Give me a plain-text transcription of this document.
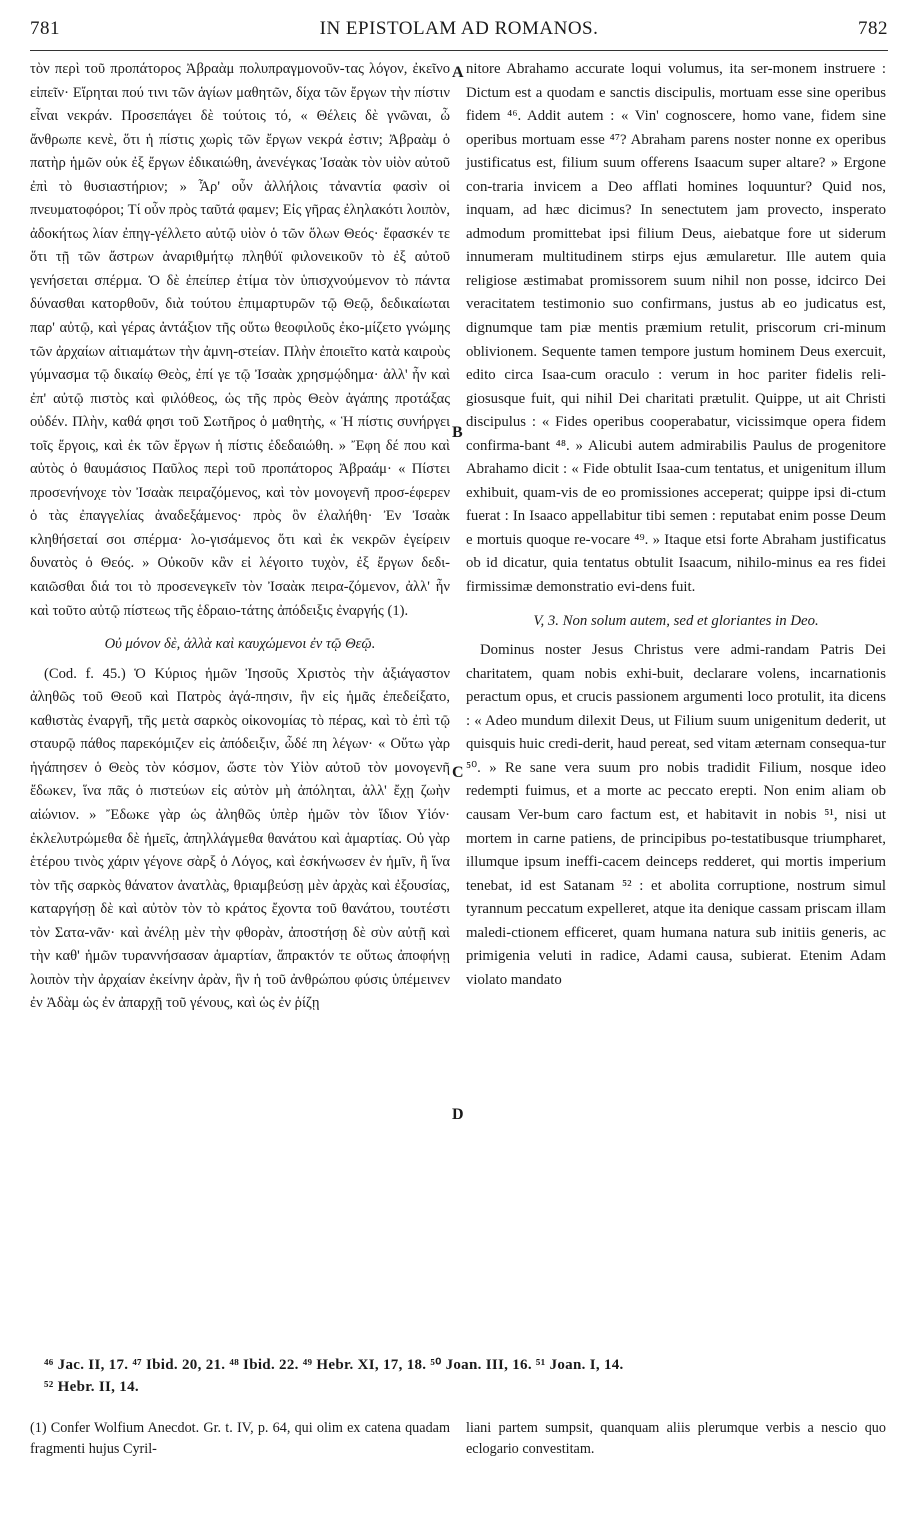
781	IN EPISTOLAM AD ROMANOS.	782

τὸν περὶ τοῦ προπάτορος Ἀβραὰμ πολυπραγμονοῦν-τας λόγον, ἐκεῖνο εἰπεῖν· Εἴρηται πού τινι τῶν ἁγίων μαθητῶν, δίχα τῶν ἔργων τὴν πίστιν εἶναι νεκράν. Προσεπάγει δὲ τούτοις τό, « Θέλεις δὲ γνῶναι, ὦ ἄνθρωπε κενὲ, ὅτι ἡ πίστις χωρὶς τῶν ἔργων νεκρά ἐστιν; Ἀβραὰμ ὁ πατὴρ ἡμῶν οὐκ ἐξ ἔργων ἐδικαιώθη, ἀνενέγκας Ἰσαὰκ τὸν υἱὸν αὐτοῦ ἐπὶ τὸ θυσιαστήριον; » Ἆρ' οὖν ἀλλήλοις τἀναντία φασὶν οἱ πνευματοφόροι; Τί οὖν πρὸς ταῦτά φαμεν; Εἰς γῆρας ἐληλακότι λοιπὸν, ἀδοκήτως λίαν ἐπηγ-γέλλετο αὐτῷ υἱὸν ὁ τῶν ὅλων Θεός· ἔφασκέν τε ὅτι τῇ τῶν ἄστρων ἀναριθμήτῳ πληθύϊ φιλονεικοῦν τὸ ἐξ αὐτοῦ γενήσεται σπέρμα. Ὁ δὲ ἐπείπερ ἐτίμα τὸν ὑπισχνούμενον τὸ πάντα δύνασθαι κατορθοῦν, διὰ τούτου ἐπιμαρτυρῶν τῷ Θεῷ, δεδικαίωται παρ' αὐτῷ, καὶ γέρας ἀντάξιον τῆς οὕτω θεοφιλοῦς ἐκο-μίζετο γνώμης τῶν ἀρχαίων αἰτιαμάτων τὴν ἀμνη-στείαν. Πλὴν ἐποιεῖτο κατὰ καιροὺς γύμνασμα τῷ δικαίῳ Θεὸς, ἐπί γε τῷ Ἰσαὰκ χρησμῴδημα· ἀλλ' ἦν καὶ ἐπ' αὐτῷ πιστὸς καὶ φιλόθεος, ὡς τῆς πρὸς Θεὸν ἀγάπης προτάξας οὐδέν. Πλὴν, καθά φησι τοῦ Σωτῆρος ὁ μαθητὴς, « Ἡ πίστις συνήργει τοῖς ἔργοις, καὶ ἐκ τῶν ἔργων ἡ πίστις ἐδεδαιώθη. » Ἔφη δέ που καὶ αὐτὸς ὁ θαυμάσιος Παῦλος περὶ τοῦ προπάτορος Ἀβραάμ· « Πίστει προσενήνοχε τὸν Ἰσαὰκ πειραζόμενος, καὶ τὸν μονογενῆ προσ-έφερεν ὁ τὰς ἐπαγγελίας ἀναδεξάμενος· πρὸς ὃν ἐλαλήθη· Ἐν Ἰσαὰκ κληθήσεταί σοι σπέρμα· λο-γισάμενος ὅτι καὶ ἐκ νεκρῶν ἐγείρειν δυνατὸς ὁ Θεός. » Οὐκοῦν κἂν εἰ λέγοιτο τυχὸν, ἐξ ἔργων δεδι-καιῶσθαι διά τοι τὸ προσενεγκεῖν τὸν Ἰσαὰκ πειρα-ζόμενον, ἀλλ' ἦν καὶ τοῦτο αὐτῷ πίστεως τῆς ἑδραιο-τάτης ἀπόδειξις ἐναργής (1).

Οὐ μόνον δὲ, ἀλλὰ καὶ καυχώμενοι ἐν τῷ Θεῷ.

(Cod. f. 45.) Ὁ Κύριος ἡμῶν Ἰησοῦς Χριστὸς τὴν ἀξιάγαστον ἀληθῶς τοῦ Θεοῦ καὶ Πατρὸς ἀγά-πησιν, ἣν εἰς ἡμᾶς ἐπεδείξατο, καθιστὰς ἐναργῆ, τῆς μετὰ σαρκὸς οἰκονομίας τὸ πέρας, καὶ τὸ ἐπὶ τῷ σταυρῷ πάθος παρεκόμιζεν εἰς ἀπόδειξιν, ὧδέ πη λέγων· « Οὕτω γὰρ ἠγάπησεν ὁ Θεὸς τὸν κόσμον, ὥστε τὸν Υἱὸν αὐτοῦ τὸν μονογενῆ ἔδωκεν, ἵνα πᾶς ὁ πιστεύων εἰς αὐτὸν μὴ ἀπόληται, ἀλλ' ἔχῃ ζωὴν αἰώνιον. » Ἔδωκε γὰρ ὡς ἀληθῶς ὑπὲρ ἡμῶν τὸν ἴδιον Υἱόν· ἐκλελυτρώμεθα δὲ ἡμεῖς, ἀπηλλάγμεθα θανάτου καὶ ἁμαρτίας. Οὐ γὰρ ἑτέρου τινὸς χάριν γέγονε σὰρξ ὁ Λόγος, καὶ ἐσκήνωσεν ἐν ἡμῖν, ἢ ἵνα τὸν τῆς σαρκὸς θάνατον ἀνατλὰς, θριαμβεύσῃ μὲν ἀρχὰς καὶ ἐξουσίας, καταργήσῃ δὲ καὶ αὐτὸν τὸν τὸ κράτος ἔχοντα τοῦ θανάτου, τουτέστι τὸν Σατα-νᾶν· καὶ ἀνέλῃ μὲν τὴν φθορὰν, ἀποστήσῃ δὲ σὺν αὐτῇ καὶ τὴν καθ' ἡμῶν τυραννήσασαν ἁμαρτίαν, ἄπρακτόν τε οὕτως ἀποφήνῃ λοιπὸν τὴν ἀρχαίαν ἐκείνην ἀρὰν, ἣν ἡ τοῦ ἀνθρώπου φύσις ὑπέμεινεν ἐν Ἀδὰμ ὡς ἐν ἀπαρχῇ τοῦ γένους, καὶ ὡς ἐν ῥίζῃ

nitore Abrahamo accurate loqui volumus, ita ser-monem instruere : Dictum est a quodam e sanctis discipulis, mortuam esse sine operibus fidem ⁴⁶. Addit autem : « Vin' cognoscere, homo vane, fidem sine operibus mortuam esse ⁴⁷? Abraham parens noster nonne ex operibus justificatus est, filium suum offerens Isaacum super altare? » Ergone con-traria invicem a Deo afflati homines loquuntur? Quid nos, inquam, ad hæc dicimus? In senectutem jam provecto, insperato admodum promittebat ipsi filium Deus, aiebatque fore ut siderum innumeram multitudinem stirps ejus æmularetur. Ille autem quia religiose æstimabat promissorem suum nihil non posse, idcirco Dei veracitatem testimonio suo confirmans, justus ab eo judicatus est, dignumque tam piæ mentis præmium retulit, priscorum cri-minum oblivionem. Sequente tamen tempore justum hominem Deus exercuit, edito circa Isaa-cum oraculo : verum in hoc pariter fidelis reli-giosusque fuit, qui nihil Dei charitati prætulit. Quippe, ut ait Christi discipulus : « Fides operibus cooperabatur, vicissimque opera fidem confirma-bant ⁴⁸. » Alicubi autem admirabilis Paulus de progenitore Abrahamo dicit : « Fide obtulit Isaa-cum tentatus, et unigenitum illum exhibuit, quam-vis de eo promissiones acceperat; quippe ipsi di-ctum fuerat : In Isaaco appellabitur tibi semen : reputabat enim posse Deum e mortuis quoque re-vocare ⁴⁹. » Itaque etsi forte Abraham justificatus ob id dicatur, quia tentatus obtulit Isaacum, nihilo-minus ea res fidei firmissimæ demonstratio evi-dens fuit.

V, 3. Non solum autem, sed et gloriantes in Deo.

Dominus noster Jesus Christus vere admi-randam Patris Dei charitatem, quam nobis exhi-buit, declarare volens, incarnationis peractum opus, et crucis passionem argumenti loco protulit, ita dicens : « Adeo mundum dilexit Deus, ut Filium suum unigenitum dederit, ut quisquis huic credi-derit, haud pereat, sed vitam æternam consequa-tur ⁵⁰. » Re sane vera suum pro nobis tradidit Filium, nosque ideo redempti fuimus, et a morte ac peccato erepti. Non enim aliam ob causam Ver-bum caro factum est, et habitavit in nobis ⁵¹, nisi ut mortem in carne patiens, de principibus po-testatibusque triumpharet, illumque ipsum ineffi-cacem deinceps redderet, qui mortis imperium tenebat, id est Satanam ⁵² : et abolita corruptione, nostrum simul tyrannum peccatum expelleret, atque ita denique cassam priscam illam maledi-ctionem efficeret, quam humana natura sub initiis generis, ac primigenia veluti in radice, Adami causa, subierat. Etenim Adam violato mandato

A
B
C
D
⁴⁶ Jac. II, 17. ⁴⁷ Ibid. 20, 21. ⁴⁸ Ibid. 22. ⁴⁹ Hebr. XI, 17, 18. ⁵⁰ Joan. III, 16. ⁵¹ Joan. I, 14.
⁵² Hebr. II, 14.

(1) Confer Wolfium Anecdot. Gr. t. IV, p. 64, qui olim ex catena quadam fragmenti hujus Cyril-

liani partem sumpsit, quanquam aliis plerumque verbis a nescio quo eclogario convestitam.
